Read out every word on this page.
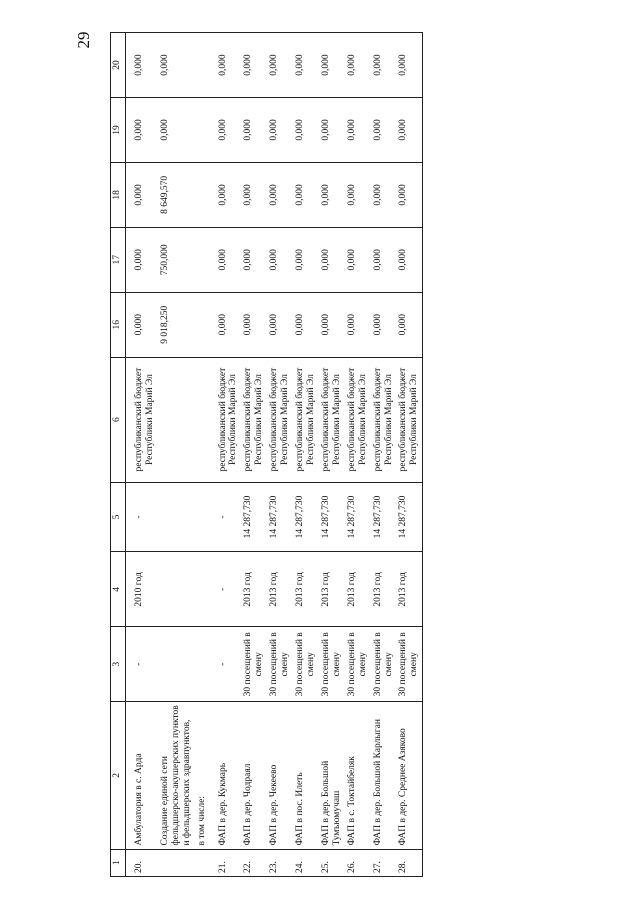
29
1	2	3	4	5	6	16	17	18	19	20
20.	Амбулатория в с. Арда	-	2010 год	-	республиканский бюджет Республики Марий Эл	0,000	0,000	0,000	0,000	0,000
	Создание единой сети фельдшерско-акушерских пунктов и фельдшерских здравпунктов,					9 018,250	750,000	8 649,570	0,000	0,000
	в том числе:									
21.	ФАП в дер. Кукмарь	-	-	-	республиканский бюджет Республики Марий Эл	0,000	0,000	0,000	0,000	0,000
22.	ФАП в дер. Чодраял	30 посещений в смену	2013 год	14 287,730	республиканский бюджет Республики Марий Эл	0,000	0,000	0,000	0,000	0,000
23.	ФАП в дер. Чекеево	30 посещений в смену	2013 год	14 287,730	республиканский бюджет Республики Марий Эл	0,000	0,000	0,000	0,000	0,000
24.	ФАП в пос. Илеть	30 посещений в смену	2013 год	14 287,730	республиканский бюджет Республики Марий Эл	0,000	0,000	0,000	0,000	0,000
25.	ФАП в дер. Большой Тумъюмучаш	30 посещений в смену	2013 год	14 287,730	республиканский бюджет Республики Марий Эл	0,000	0,000	0,000	0,000	0,000
26.	ФАП в с. Токтайбеляк	30 посещений в смену	2013 год	14 287,730	республиканский бюджет Республики Марий Эл	0,000	0,000	0,000	0,000	0,000
27.	ФАП в дер. Большой Карлыган	30 посещений в смену	2013 год	14 287,730	республиканский бюджет Республики Марий Эл	0,000	0,000	0,000	0,000	0,000
28.	ФАП в дер. Среднее Азяково	30 посещений в смену	2013 год	14 287,730	республиканский бюджет Республики Марий Эл	0,000	0,000	0,000	0,000	0,000
